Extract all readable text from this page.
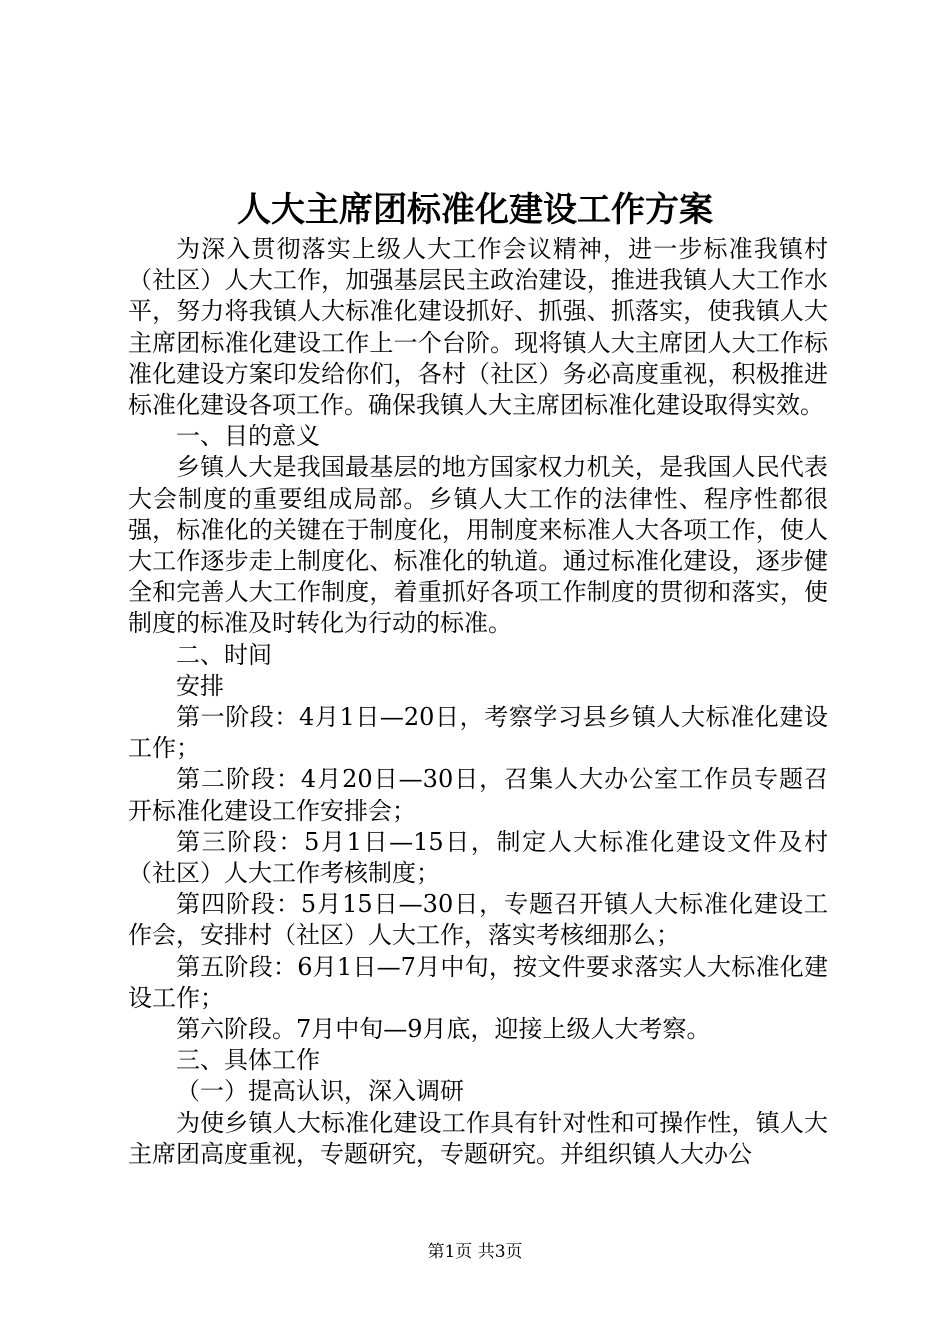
人大主席团标准化建设工作方案

为深入贯彻落实上级人大工作会议精神，进一步标准我镇村（社区）人大工作，加强基层民主政治建设，推进我镇人大工作水平，努力将我镇人大标准化建设抓好、抓强、抓落实，使我镇人大主席团标准化建设工作上一个台阶。现将镇人大主席团人大工作标准化建设方案印发给你们，各村（社区）务必高度重视，积极推进标准化建设各项工作。确保我镇人大主席团标准化建设取得实效。

一、目的意义

乡镇人大是我国最基层的地方国家权力机关，是我国人民代表大会制度的重要组成局部。乡镇人大工作的法律性、程序性都很强，标准化的关键在于制度化，用制度来标准人大各项工作，使人大工作逐步走上制度化、标准化的轨道。通过标准化建设，逐步健全和完善人大工作制度，着重抓好各项工作制度的贯彻和落实，使制度的标准及时转化为行动的标准。

二、时间

安排

第一阶段：4月1日—20日，考察学习县乡镇人大标准化建设工作；

第二阶段：4月20日—30日，召集人大办公室工作员专题召开标准化建设工作安排会；

第三阶段：5月1日—15日，制定人大标准化建设文件及村（社区）人大工作考核制度；

第四阶段：5月15日—30日，专题召开镇人大标准化建设工作会，安排村（社区）人大工作，落实考核细那么；

第五阶段：6月1日—7月中旬，按文件要求落实人大标准化建设工作；

第六阶段。7月中旬—9月底，迎接上级人大考察。

三、具体工作

（一）提高认识，深入调研

为使乡镇人大标准化建设工作具有针对性和可操作性，镇人大主席团高度重视，专题研究，专题研究。并组织镇人大办公

第1页 共3页
